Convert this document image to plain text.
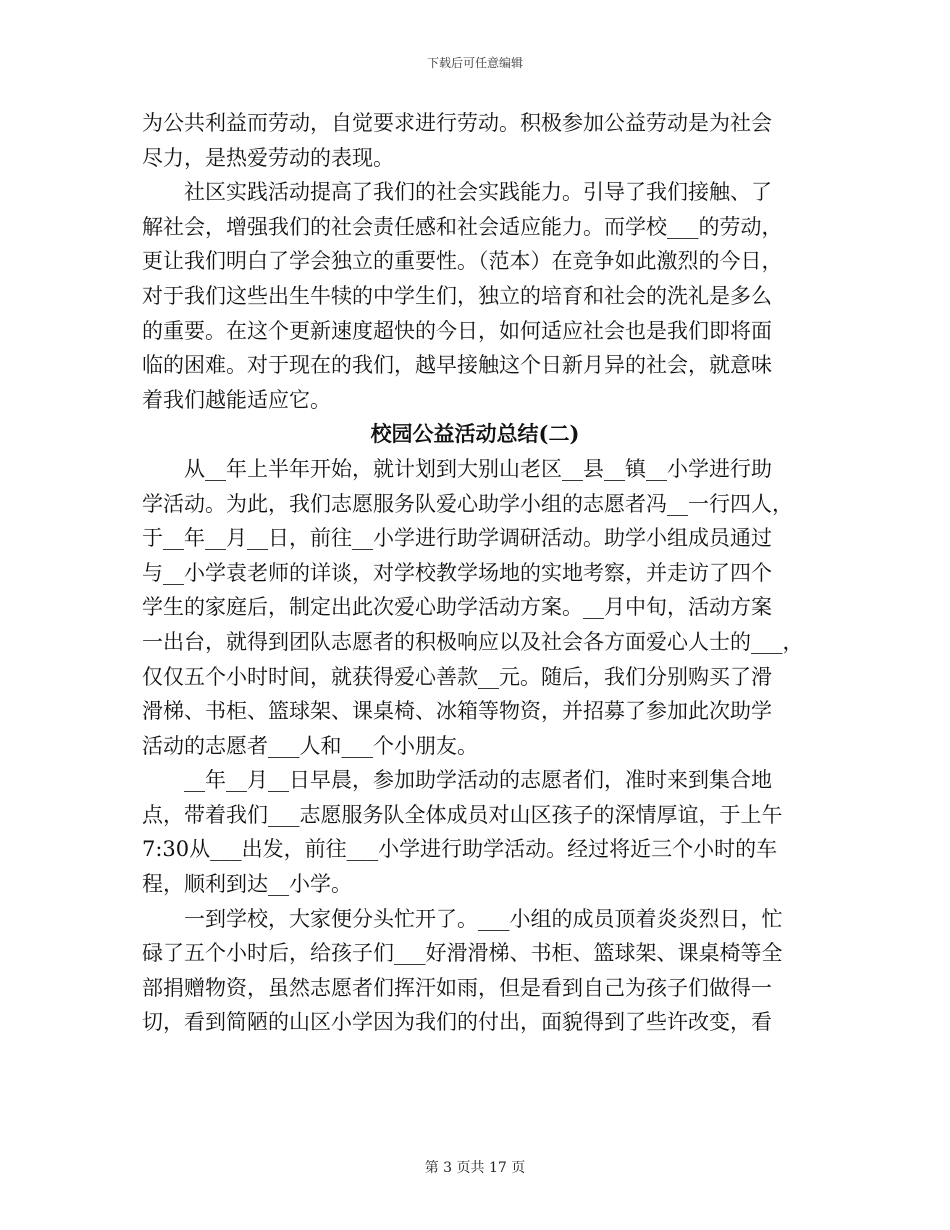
下载后可任意编辑
为公共利益而劳动，自觉要求进行劳动。积极参加公益劳动是为社会
尽力，是热爱劳动的表现。
社区实践活动提高了我们的社会实践能力。引导了我们接触、了
解社会，增强我们的社会责任感和社会适应能力。而学校___的劳动，
更让我们明白了学会独立的重要性。（范本）在竞争如此激烈的今日，
对于我们这些出生牛犊的中学生们，独立的培育和社会的洗礼是多么
的重要。在这个更新速度超快的今日，如何适应社会也是我们即将面
临的困难。对于现在的我们，越早接触这个日新月异的社会，就意味
着我们越能适应它。
校园公益活动总结(二)
从__年上半年开始，就计划到大别山老区__县__镇__小学进行助
学活动。为此，我们志愿服务队爱心助学小组的志愿者冯__一行四人，
于__年__月__日，前往__小学进行助学调研活动。助学小组成员通过
与__小学袁老师的详谈，对学校教学场地的实地考察，并走访了四个
学生的家庭后，制定出此次爱心助学活动方案。__月中旬，活动方案
一出台，就得到团队志愿者的积极响应以及社会各方面爱心人士的___，
仅仅五个小时时间，就获得爱心善款__元。随后，我们分别购买了滑
滑梯、书柜、篮球架、课桌椅、冰箱等物资，并招募了参加此次助学
活动的志愿者___人和___个小朋友。
__年__月__日早晨，参加助学活动的志愿者们，准时来到集合地
点，带着我们___志愿服务队全体成员对山区孩子的深情厚谊，于上午
7:30从___出发，前往___小学进行助学活动。经过将近三个小时的车
程，顺利到达__小学。
一到学校，大家便分头忙开了。___小组的成员顶着炎炎烈日，忙
碌了五个小时后，给孩子们___好滑滑梯、书柜、篮球架、课桌椅等全
部捐赠物资，虽然志愿者们挥汗如雨，但是看到自己为孩子们做得一
切，看到简陋的山区小学因为我们的付出，面貌得到了些许改变，看
第 3 页共 17 页
